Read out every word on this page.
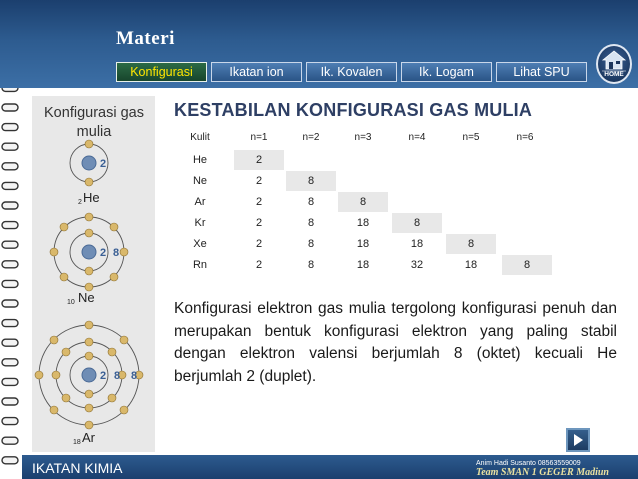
Materi
Konfigurasi	Ikatan ion	Ik. Kovalen	Ik. Logam	Lihat SPU	HOME
Konfigurasi gas mulia
2
2 He
2 8
10 Ne
2 8 8
18 Ar
KESTABILAN KONFIGURASI GAS MULIA
Kulit	n=1	n=2	n=3	n=4	n=5	n=6
He	2
Ne	2	8
Ar	2	8	8
Kr	2	8	18	8
Xe	2	8	18	18	8
Rn	2	8	18	32	18	8
Konfigurasi elektron gas mulia tergolong konfigurasi penuh dan merupakan bentuk konfigurasi elektron yang paling stabil dengan elektron valensi berjumlah 8 (oktet) kecuali He berjumlah 2 (duplet).
IKATAN KIMIA	Anim Hadi Susanto 08563559009
Team SMAN 1 GEGER Madiun
